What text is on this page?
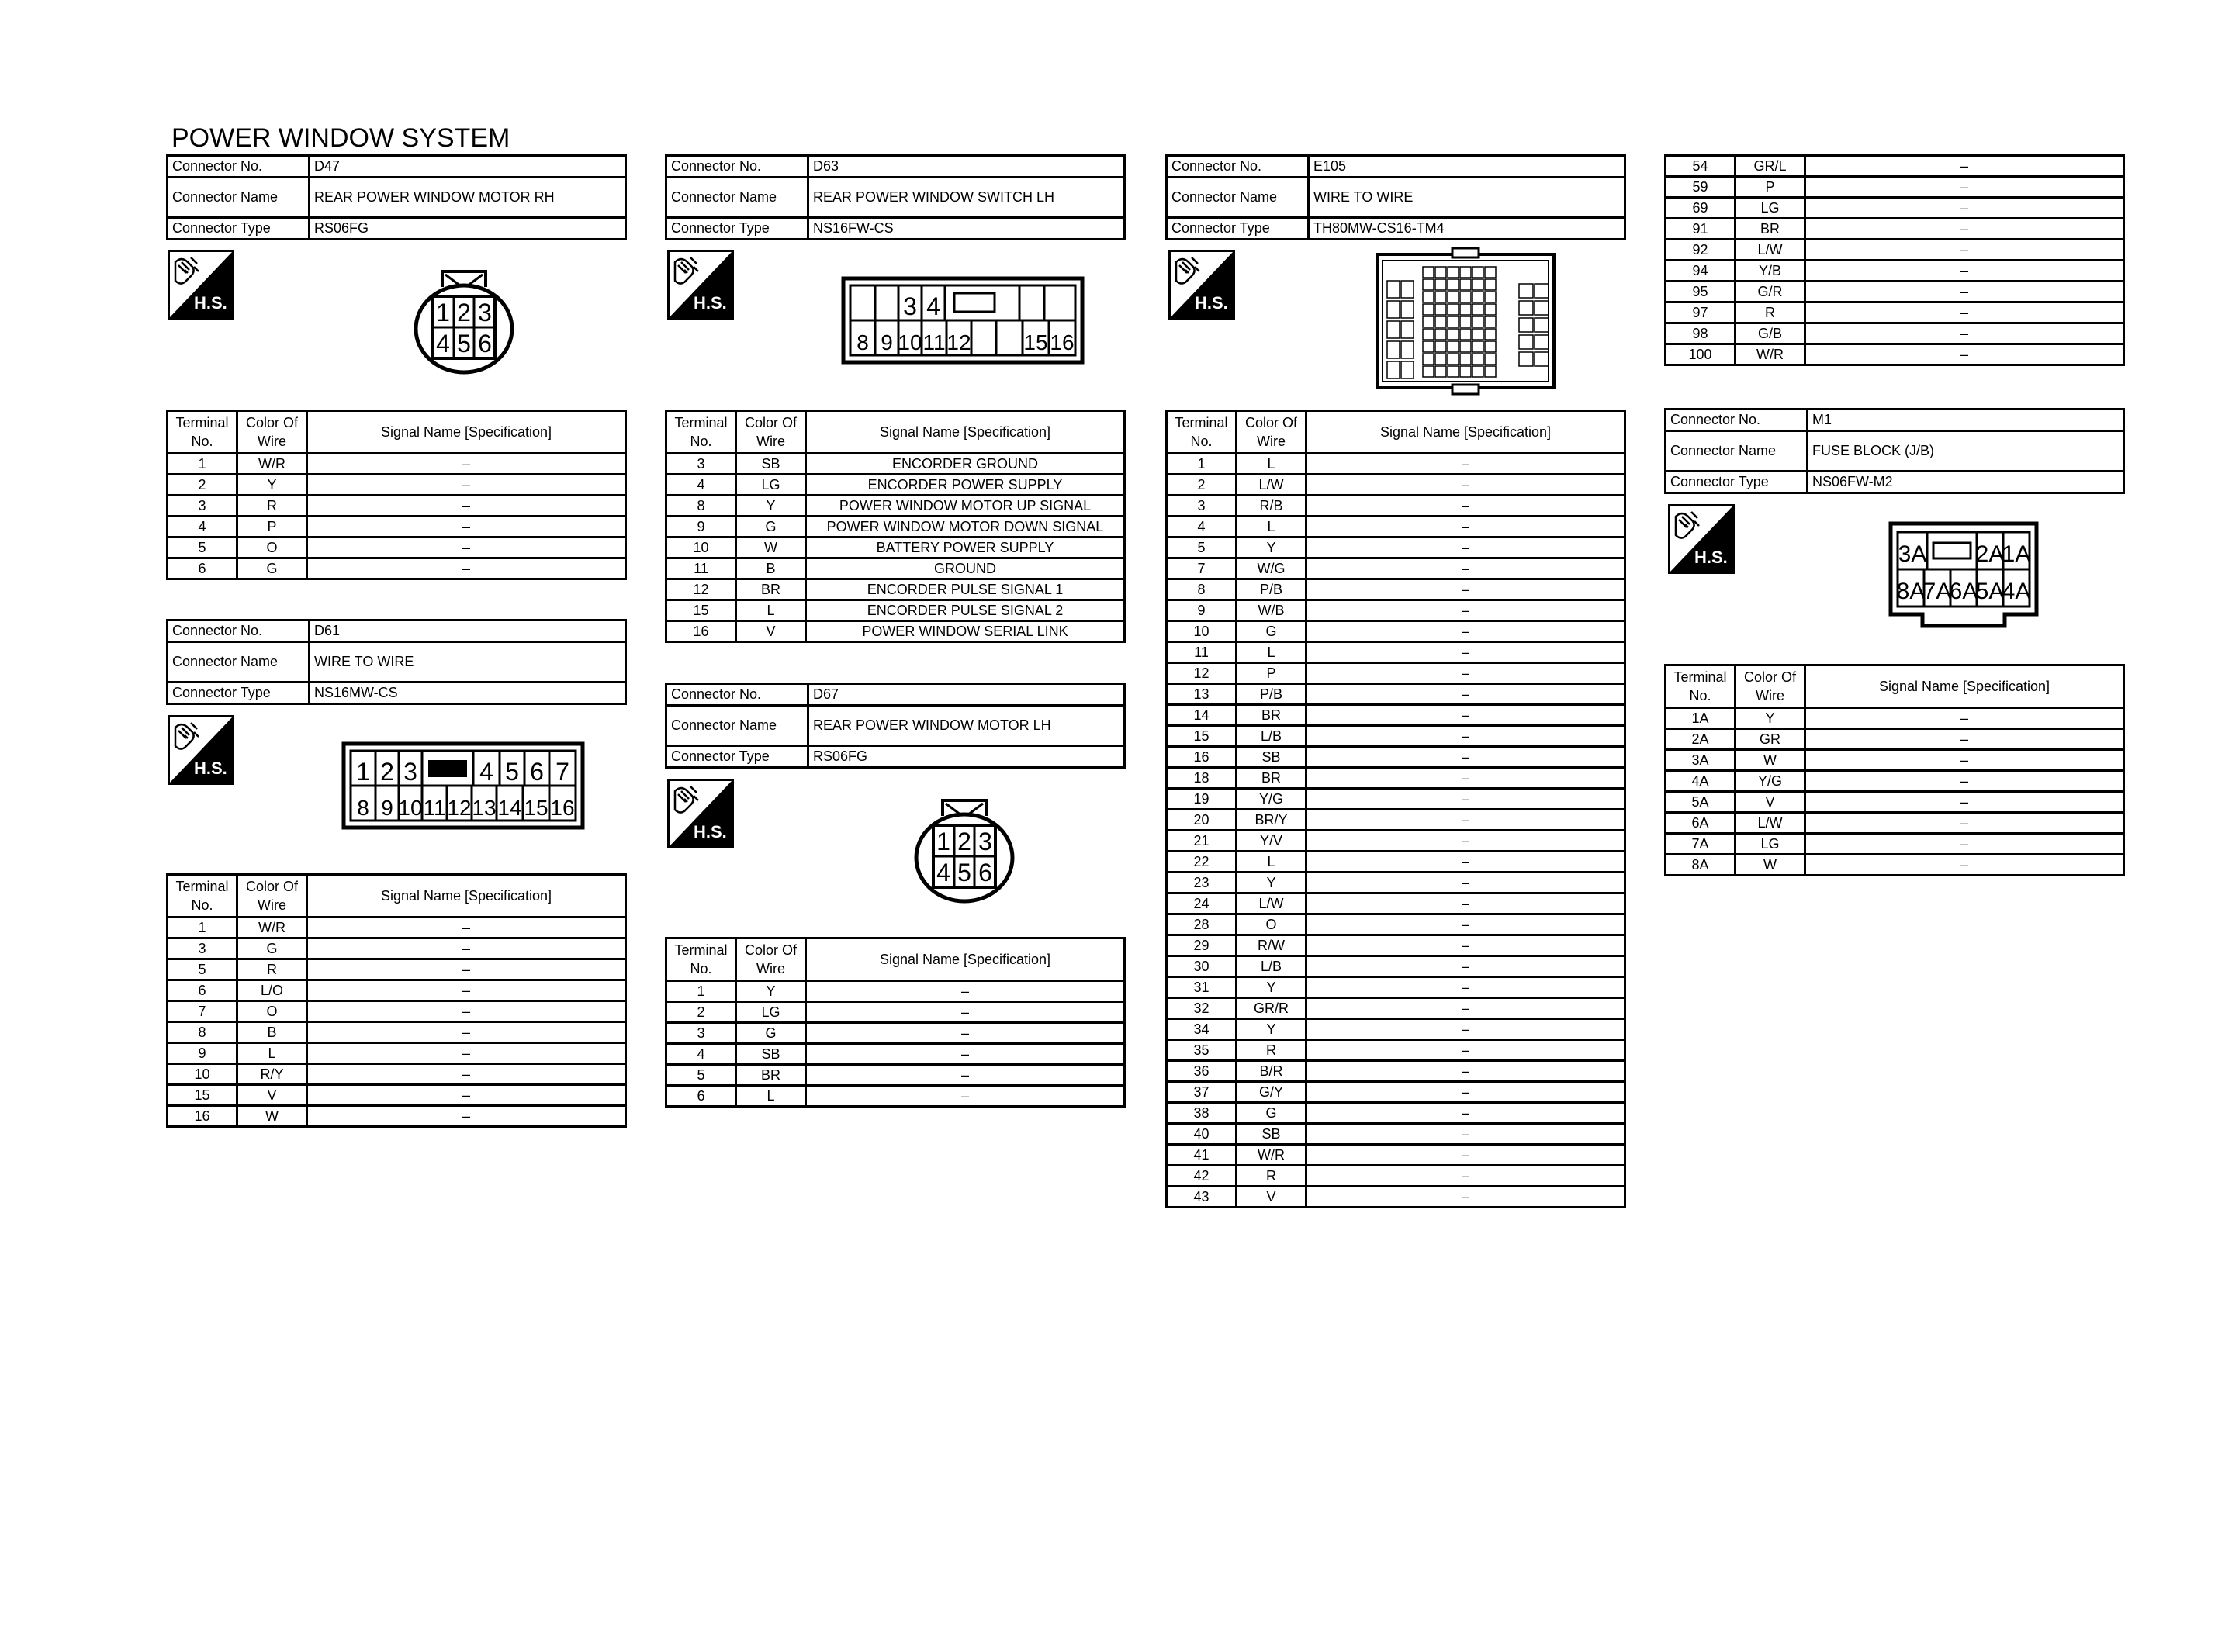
POWER WINDOW SYSTEM
Connector No.	D47
Connector Name	REAR POWER WINDOW MOTOR RH
Connector Type	RS06FG
H.S.	1 2 3
4 5 6
Terminal No.	Color Of Wire	Signal Name [Specification]
1	W/R	–
2	Y	–
3	R	–
4	P	–
5	O	–
6	G	–
Connector No.	D61
Connector Name	WIRE TO WIRE
Connector Type	NS16MW-CS
H.S.	1 2 3	4 5 6 7
8 9 10 11 12 13 14 15 16
Terminal No.	Color Of Wire	Signal Name [Specification]
1	W/R	–
3	G	–
5	R	–
6	L/O	–
7	O	–
8	B	–
9	L	–
10	R/Y	–
15	V	–
16	W	–
Connector No.	D63
Connector Name	REAR POWER WINDOW SWITCH LH
Connector Type	NS16FW-CS
H.S.	3 4
8 9 10 11 12 15 16
Terminal No.	Color Of Wire	Signal Name [Specification]
3	SB	ENCORDER GROUND
4	LG	ENCORDER POWER SUPPLY
8	Y	POWER WINDOW MOTOR UP SIGNAL
9	G	POWER WINDOW MOTOR DOWN SIGNAL
10	W	BATTERY POWER SUPPLY
11	B	GROUND
12	BR	ENCORDER PULSE SIGNAL 1
15	L	ENCORDER PULSE SIGNAL 2
16	V	POWER WINDOW SERIAL LINK
Connector No.	D67
Connector Name	REAR POWER WINDOW MOTOR LH
Connector Type	RS06FG
H.S.	1 2 3
4 5 6
Terminal No.	Color Of Wire	Signal Name [Specification]
1	Y	–
2	LG	–
3	G	–
4	SB	–
5	BR	–
6	L	–
Connector No.	E105
Connector Name	WIRE TO WIRE
Connector Type	TH80MW-CS16-TM4
H.S.
Terminal No.	Color Of Wire	Signal Name [Specification]
1	L	–
2	L/W	–
3	R/B	–
4	L	–
5	Y	–
7	W/G	–
8	P/B	–
9	W/B	–
10	G	–
11	L	–
12	P	–
13	P/B	–
14	BR	–
15	L/B	–
16	SB	–
18	BR	–
19	Y/G	–
20	BR/Y	–
21	Y/V	–
22	L	–
23	Y	–
24	L/W	–
28	O	–
29	R/W	–
30	L/B	–
31	Y	–
32	GR/R	–
34	Y	–
35	R	–
36	B/R	–
37	G/Y	–
38	G	–
40	SB	–
41	W/R	–
42	R	–
43	V	–
54	GR/L	–
59	P	–
69	LG	–
91	BR	–
92	L/W	–
94	Y/B	–
95	G/R	–
97	R	–
98	G/B	–
100	W/R	–
Connector No.	M1
Connector Name	FUSE BLOCK (J/B)
Connector Type	NS06FW-M2
H.S.	3A 2A
1A
8A
7A
6A
5A
4A
Terminal No.	Color Of Wire	Signal Name [Specification]
1A	Y	–
2A	GR	–
3A	W	–
4A	Y/G	–
5A	V	–
6A	L/W	–
7A	LG	–
8A	W	–
